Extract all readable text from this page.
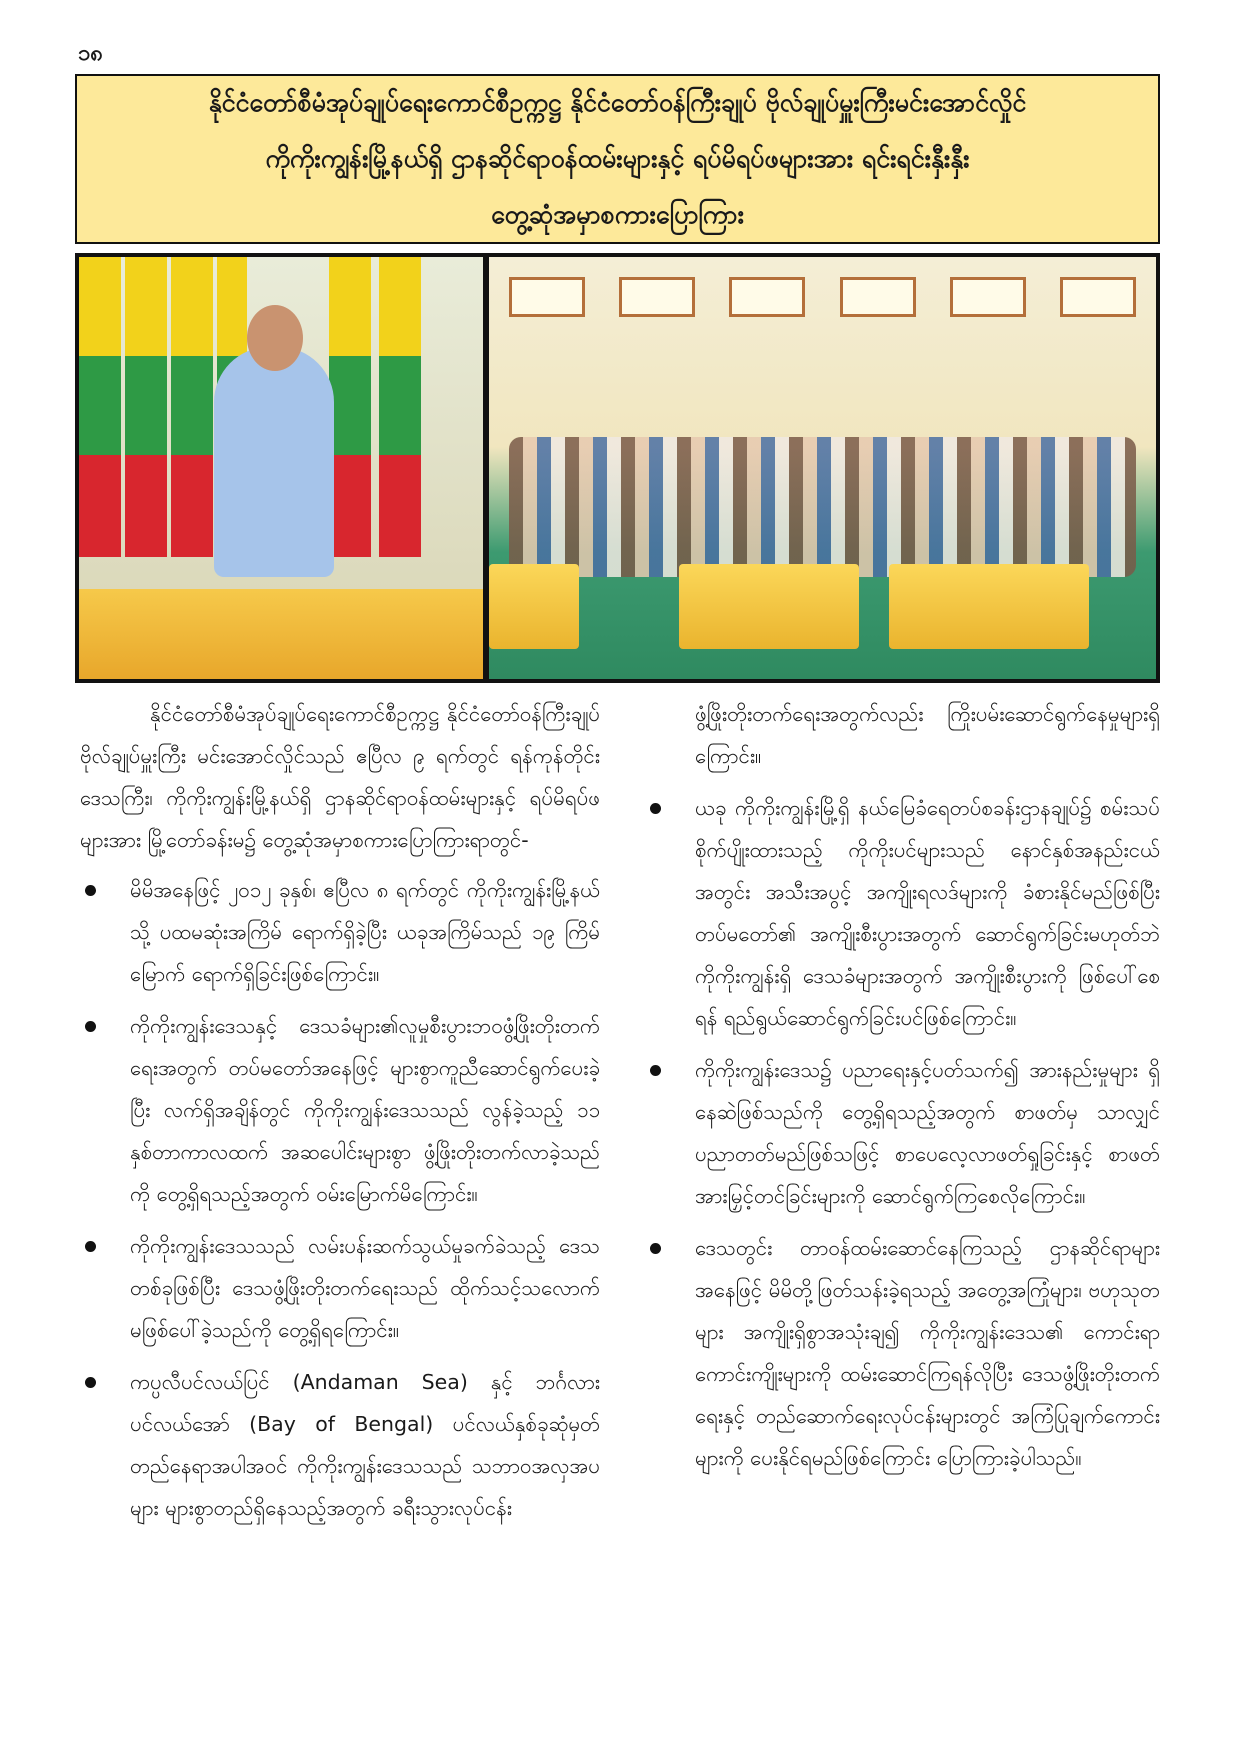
၁၈
နိုင်ငံတော်စီမံအုပ်ချုပ်ရေးကောင်စီဥက္ကဋ္ဌ နိုင်ငံတော်ဝန်ကြီးချုပ် ဗိုလ်ချုပ်မှူးကြီးမင်းအောင်လှိုင်
ကိုကိုးကျွန်းမြို့နယ်ရှိ ဌာနဆိုင်ရာဝန်ထမ်းများနှင့် ရပ်မိရပ်ဖများအား ရင်းရင်းနှီးနှီး
တွေ့ဆုံအမှာစကားပြောကြား

နိုင်ငံတော်စီမံအုပ်ချုပ်ရေးကောင်စီဥက္ကဋ္ဌ နိုင်ငံတော်ဝန်ကြီးချုပ် ဗိုလ်ချုပ်မှူးကြီး မင်းအောင်လှိုင်သည် ဧပြီလ ၉ ရက်တွင် ရန်ကုန်တိုင်းဒေသကြီး၊ ကိုကိုးကျွန်းမြို့နယ်ရှိ ဌာနဆိုင်ရာဝန်ထမ်းများနှင့် ရပ်မိရပ်ဖများအား မြို့တော်ခန်းမ၌ တွေ့ဆုံအမှာစကားပြောကြားရာတွင်-

မိမိအနေဖြင့် ၂၀၁၂ ခုနှစ်၊ ဧပြီလ ၈ ရက်တွင် ကိုကိုးကျွန်းမြို့နယ်သို့ ပထမဆုံးအကြိမ် ရောက်ရှိခဲ့ပြီး ယခုအကြိမ်သည် ၁၉ ကြိမ်မြောက် ရောက်ရှိခြင်းဖြစ်ကြောင်း။

ကိုကိုးကျွန်းဒေသနှင့် ဒေသခံများ၏လူမှုစီးပွားဘဝဖွံ့ဖြိုးတိုးတက်ရေးအတွက် တပ်မတော်အနေဖြင့် များစွာကူညီဆောင်ရွက်ပေးခဲ့ပြီး လက်ရှိအချိန်တွင် ကိုကိုးကျွန်းဒေသသည် လွန်ခဲ့သည့် ၁၁ နှစ်တာကာလထက် အဆပေါင်းများစွာ ဖွံ့ဖြိုးတိုးတက်လာခဲ့သည်ကို တွေ့ရှိရသည့်အတွက် ဝမ်းမြောက်မိကြောင်း။

ကိုကိုးကျွန်းဒေသသည် လမ်းပန်းဆက်သွယ်မှုခက်ခဲသည့် ဒေသတစ်ခုဖြစ်ပြီး ဒေသဖွံ့ဖြိုးတိုးတက်ရေးသည် ထိုက်သင့်သလောက် မဖြစ်ပေါ်ခဲ့သည်ကို တွေ့ရှိရကြောင်း။

ကပ္ပလီပင်လယ်ပြင် (Andaman Sea) နှင့် ဘင်္ဂလားပင်လယ်အော် (Bay of Bengal) ပင်လယ်နှစ်ခုဆုံမှတ် တည်နေရာအပါအဝင် ကိုကိုးကျွန်းဒေသသည် သဘာဝအလှအပများ များစွာတည်ရှိနေသည့်အတွက် ခရီးသွားလုပ်ငန်း

ဖွံ့ဖြိုးတိုးတက်ရေးအတွက်လည်း ကြိုးပမ်းဆောင်ရွက်နေမှုများရှိကြောင်း။

ယခု ကိုကိုးကျွန်းမြို့ရှိ နယ်မြေခံရေတပ်စခန်းဌာနချုပ်၌ စမ်းသပ်စိုက်ပျိုးထားသည့် ကိုကိုးပင်များသည် နောင်နှစ်အနည်းငယ်အတွင်း အသီးအပွင့် အကျိုးရလဒ်များကို ခံစားနိုင်မည်ဖြစ်ပြီး တပ်မတော်၏ အကျိုးစီးပွားအတွက် ဆောင်ရွက်ခြင်းမဟုတ်ဘဲ ကိုကိုးကျွန်းရှိ ဒေသခံများအတွက် အကျိုးစီးပွားကို ဖြစ်ပေါ်စေရန် ရည်ရွယ်ဆောင်ရွက်ခြင်းပင်ဖြစ်ကြောင်း။

ကိုကိုးကျွန်းဒေသ၌ ပညာရေးနှင့်ပတ်သက်၍ အားနည်းမှုများ ရှိနေဆဲဖြစ်သည်ကို တွေ့ရှိရသည့်အတွက် စာဖတ်မှ သာလျှင် ပညာတတ်မည်ဖြစ်သဖြင့် စာပေလေ့လာဖတ်ရှုခြင်းနှင့် စာဖတ်အားမြှင့်တင်ခြင်းများကို ဆောင်ရွက်ကြစေလိုကြောင်း။

ဒေသတွင်း တာဝန်ထမ်းဆောင်နေကြသည့် ဌာနဆိုင်ရာများအနေဖြင့် မိမိတို့ဖြတ်သန်းခဲ့ရသည့် အတွေ့အကြုံများ၊ ဗဟုသုတများ အကျိုးရှိစွာအသုံးချ၍ ကိုကိုးကျွန်းဒေသ၏ ကောင်းရာကောင်းကျိုးများကို ထမ်းဆောင်ကြရန်လိုပြီး ဒေသဖွံ့ဖြိုးတိုးတက်ရေးနှင့် တည်ဆောက်ရေးလုပ်ငန်းများတွင် အကြံပြုချက်ကောင်းများကို ပေးနိုင်ရမည်ဖြစ်ကြောင်း ပြောကြားခဲ့ပါသည်။
